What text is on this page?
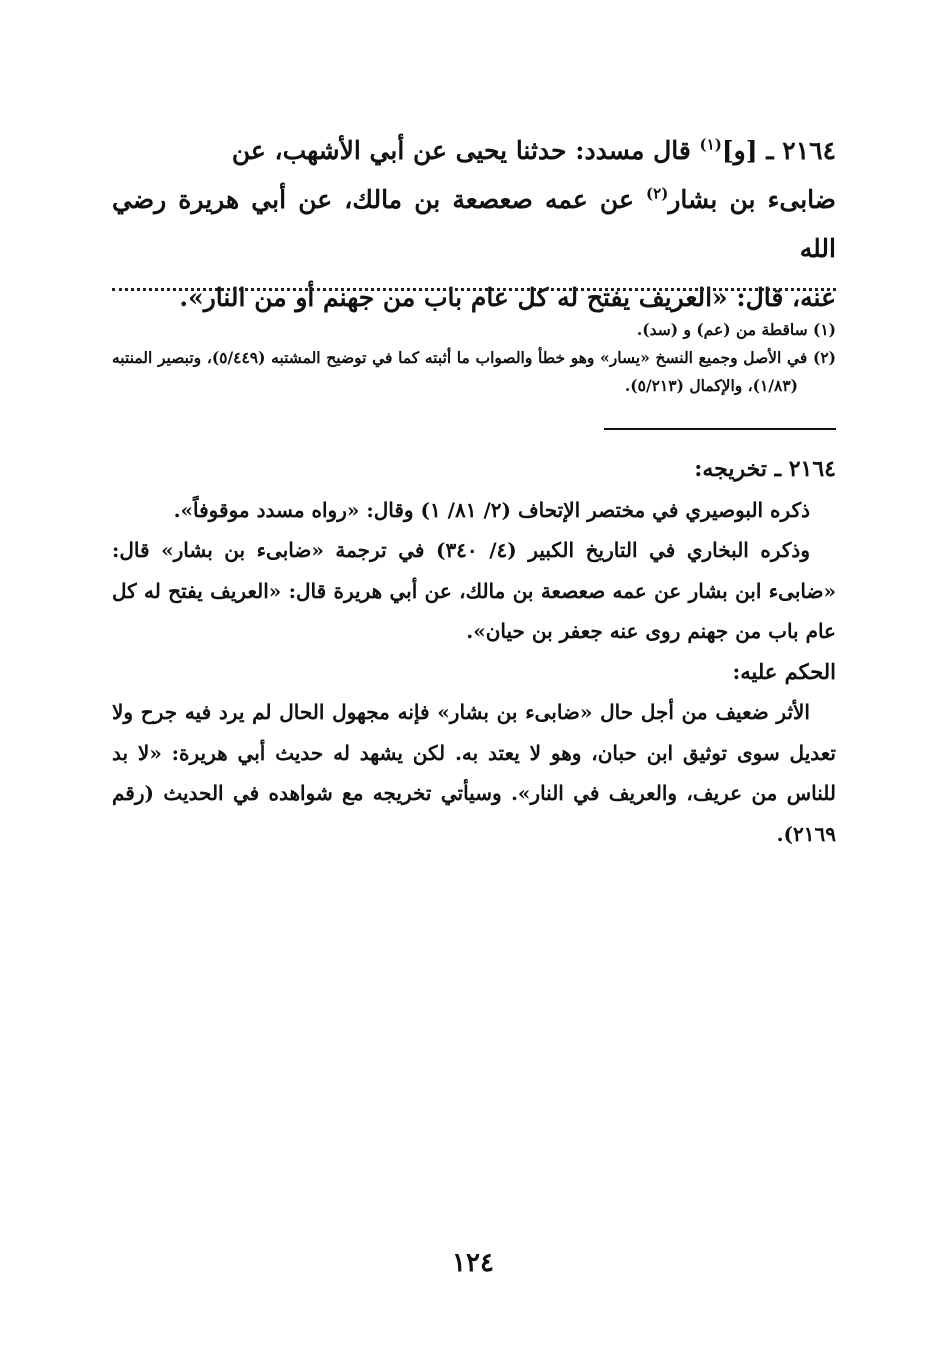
٢١٦٤ ـ [و]$^{(١)}$ قال مسدد: حدثنا يحيى عن أبي الأشهب، عن
ضابىء بن بشار$^{(٢)}$ عن عمه صعصعة بن مالك، عن أبي هريرة رضي الله
عنه، قال: «العريف يفتح له كل عام باب من جهنم أو من النار».
(١) ساقطة من (عم) و (سد).
(٢) في الأصل وجميع النسخ «يسار» وهو خطأ والصواب ما أثبته كما في توضيح المشتبه (٥/٤٤٩)، وتبصير المنتبه (١/٨٣)، والإكمال (٥/٢١٣).

٢١٦٤ ـ تخريجه:

ذكره البوصيري في مختصر الإتحاف (٢/ ٨١/ ١) وقال: «رواه مسدد موقوفاً».

وذكره البخاري في التاريخ الكبير (٤/ ٣٤٠) في ترجمة «ضابىء بن بشار» قال: «ضابىء ابن بشار عن عمه صعصعة بن مالك، عن أبي هريرة قال: «العريف يفتح له كل عام باب من جهنم روى عنه جعفر بن حيان».

الحكم عليه:

الأثر ضعيف من أجل حال «ضابىء بن بشار» فإنه مجهول الحال لم يرد فيه جرح ولا تعديل سوى توثيق ابن حبان، وهو لا يعتد به. لكن يشهد له حديث أبي هريرة: «لا بد للناس من عريف، والعريف في النار». وسيأتي تخريجه مع شواهده في الحديث (رقم ٢١٦٩).

١٢٤
